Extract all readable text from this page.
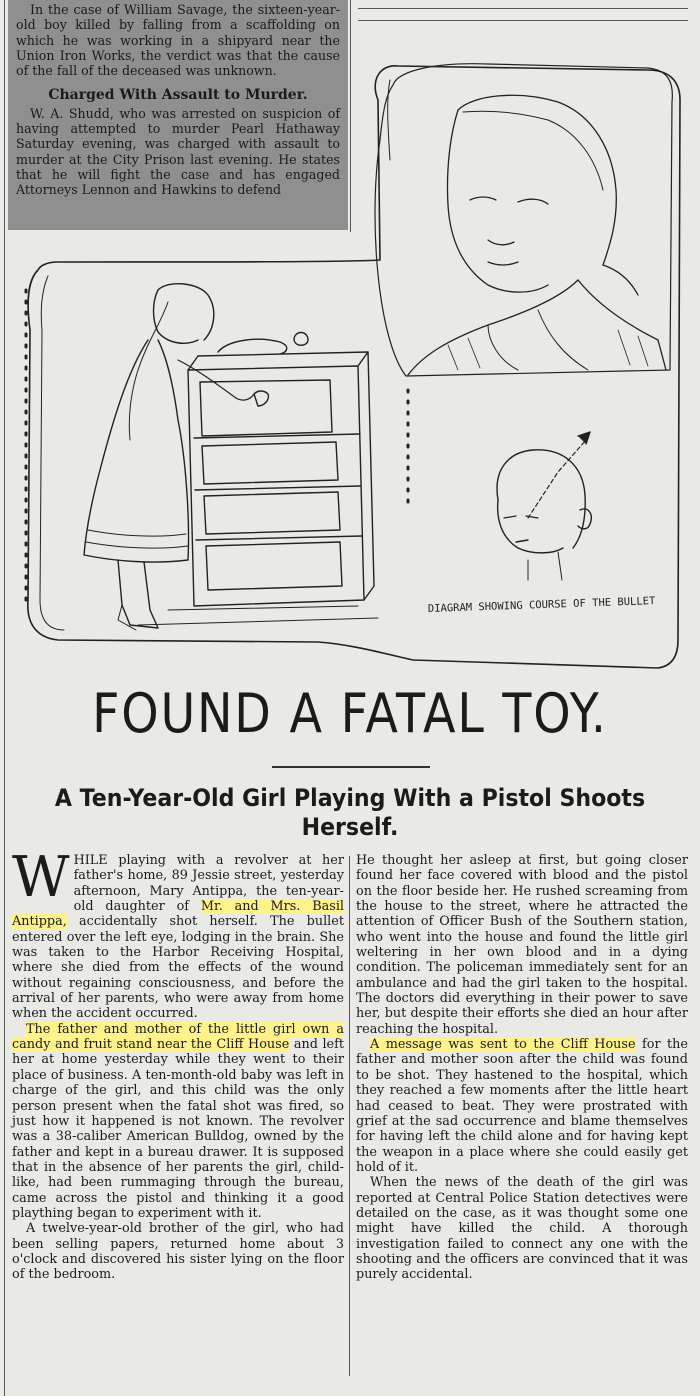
In the case of William Savage, the sixteen-year-old boy killed by falling from a scaffolding on which he was working in a shipyard near the Union Iron Works, the verdict was that the cause of the fall of the deceased was unknown.

Charged With Assault to Murder.

W. A. Shudd, who was arrested on suspicion of having attempted to murder Pearl Hathaway Saturday evening, was charged with assault to murder at the City Prison last evening. He states that he will fight the case and has engaged Attorneys Lennon and Hawkins to defend

DIAGRAM SHOWING COURSE OF THE BULLET
FOUND A FATAL TOY.
A Ten-Year-Old Girl Playing With a Pistol Shoots Herself.

WHILE playing with a revolver at her father's home, 89 Jessie street, yesterday afternoon, Mary Antippa, the ten-year-old daughter of Mr. and Mrs. Basil Antippa, accidentally shot herself. The bullet entered over the left eye, lodging in the brain. She was taken to the Harbor Receiving Hospital, where she died from the effects of the wound without regaining consciousness, and before the arrival of her parents, who were away from home when the accident occurred.

The father and mother of the little girl own a candy and fruit stand near the Cliff House and left her at home yesterday while they went to their place of business. A ten-month-old baby was left in charge of the girl, and this child was the only person present when the fatal shot was fired, so just how it happened is not known. The revolver was a 38-caliber American Bulldog, owned by the father and kept in a bureau drawer. It is supposed that in the absence of her parents the girl, child-like, had been rummaging through the bureau, came across the pistol and thinking it a good plaything began to experiment with it.

A twelve-year-old brother of the girl, who had been selling papers, returned home about 3 o'clock and discovered his sister lying on the floor of the bedroom.

He thought her asleep at first, but going closer found her face covered with blood and the pistol on the floor beside her. He rushed screaming from the house to the street, where he attracted the attention of Officer Bush of the Southern station, who went into the house and found the little girl weltering in her own blood and in a dying condition. The policeman immediately sent for an ambulance and had the girl taken to the hospital. The doctors did everything in their power to save her, but despite their efforts she died an hour after reaching the hospital.

A message was sent to the Cliff House for the father and mother soon after the child was found to be shot. They hastened to the hospital, which they reached a few moments after the little heart had ceased to beat. They were prostrated with grief at the sad occurrence and blame themselves for having left the child alone and for having kept the weapon in a place where she could easily get hold of it.

When the news of the death of the girl was reported at Central Police Station detectives were detailed on the case, as it was thought some one might have killed the child. A thorough investigation failed to connect any one with the shooting and the officers are convinced that it was purely accidental.
